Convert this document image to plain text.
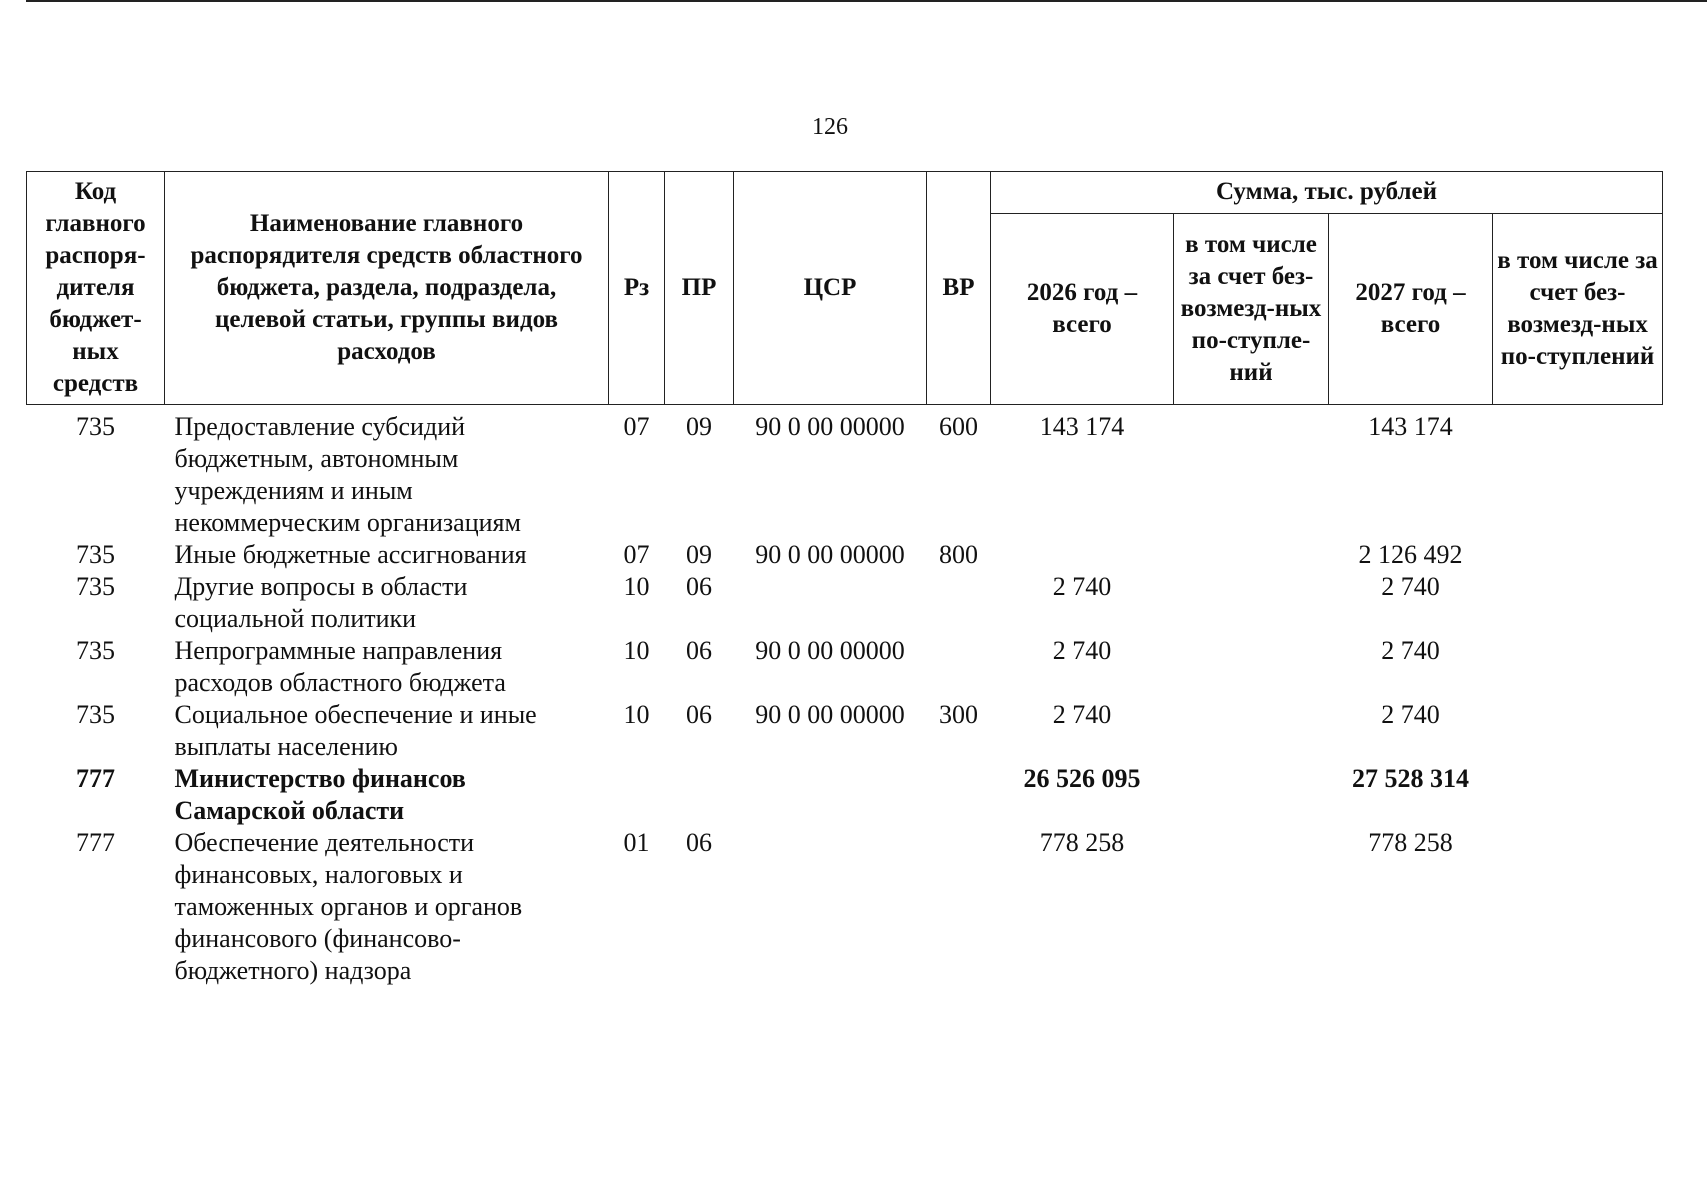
126
Код главного распоря-дителя бюджет-ных средств	Наименование главного распорядителя средств областного бюджета, раздела, подраздела, целевой статьи, группы видов расходов	Рз	ПР	ЦСР	ВР	Сумма, тыс. рублей			
						2026 год – всего	в том числе за счет без-возмезд-ных по-ступле-ний	2027 год – всего	в том числе за счет без-возмезд-ных по-ступлений
735	Предоставление субсидий бюджетным, автономным учреждениям и иным некоммерческим организациям	07	09	90 0 00 00000	600	143 174		143 174	
735	Иные бюджетные ассигнования	07	09	90 0 00 00000	800			2 126 492	
735	Другие вопросы в области социальной политики	10	06			2 740		2 740	
735	Непрограммные направления расходов областного бюджета	10	06	90 0 00 00000		2 740		2 740	
735	Социальное обеспечение и иные выплаты населению	10	06	90 0 00 00000	300	2 740		2 740	
777	Министерство финансов Самарской области					26 526 095		27 528 314	
777	Обеспечение деятельности финансовых, налоговых и таможенных органов и органов финансового (финансово-бюджетного) надзора	01	06			778 258		778 258	
